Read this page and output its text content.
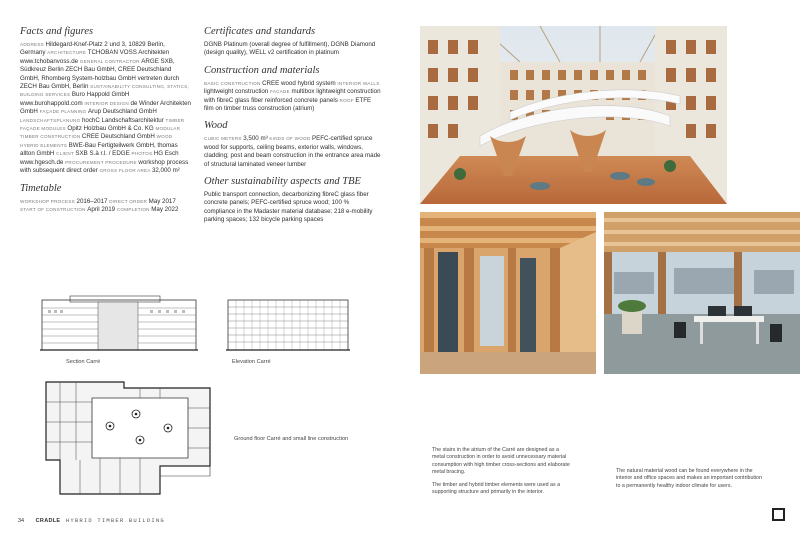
Facts and figures
ADDRESS Hildegard-Knef-Platz 2 und 3, 10829 Berlin, Germany ARCHITECTURE TCHOBAN VOSS Architekten www.tchobanvoss.de GENERAL CONTRACTOR ARGE SXB, Südkreuz Berlin ZECH Bau GmbH, CREE Deutschland GmbH, Rhomberg System-holzbau GmbH vertreten durch ZECH Bau GmbH, Berlin SUSTAINABILITY CONSULTING, STATICS, BUILDING SERVICES Buro Happold GmbH www.burohappold.com INTERIOR DESIGN de Winder Architekten GmbH FAÇADE PLANNING Arup Deutschland GmbH LANDSCHAFTSPLANUNG hochC Landschaftsarchitektur TIMBER FAÇADE MODULES Opitz Holzbau GmbH & Co. KG MODULAR TIMBER CONSTRUCTION CREE Deutschland GmbH WOOD HYBRID ELEMENTS BWE-Bau Fertigteilwerk GmbH, thomas allton GmbH CLIENT SXB S.à r.l. / EDGE PHOTOS HG Esch www.hgesch.de PROCUREMENT PROCEDURE workshop process with subsequent direct order GROSS FLOOR AREA 32,000 m²
Timetable
WORKSHOP PROCESS 2016–2017 DIRECT ORDER May 2017 START OF CONSTRUCTION April 2019 COMPLETION May 2022
Certificates and standards
DGNB Platinum (overall degree of fulfillment), DGNB Diamond (design quality), WELL v2 certification in platinum
Construction and materials
BASIC CONSTRUCTION CREE wood hybrid system INTERIOR WALLS lightweight construction FACADE multibox lightweight construction with fibreC glass fiber reinforced concrete panels ROOF ETFE film on timber truss construction (atrium)
Wood
CUBIC METERS 3,500 m³ KINDS OF WOOD PEFC-certified spruce wood for supports, ceiling beams, exterior walls, windows, cladding; post and beam construction in the entrance area made of structural laminated veneer lumber
Other sustainability aspects and TBE
Public transport connection, decarbonizing fibreC glass fiber concrete panels; PEFC-certified spruce wood; 100 % compliance in the Madaster material database; 218 e-mobility parking spaces; 132 bicycle parking spaces
Section Carré	Elevation Carré
Ground floor Carré and small line construction

The stairs in the atrium of the Carré are designed as a metal construction in order to avoid unnecessary material consumption with high timber cross-sections and elaborate metal bracing.

The timber and hybrid timber elements were used as a supporting structure and primarily in the interior.

The natural material wood can be found everywhere in the interior and office spaces and makes an important contribution to a permanently healthy indoor climate for users.
34 CRADLE HYBRID TIMBER BUILDING
